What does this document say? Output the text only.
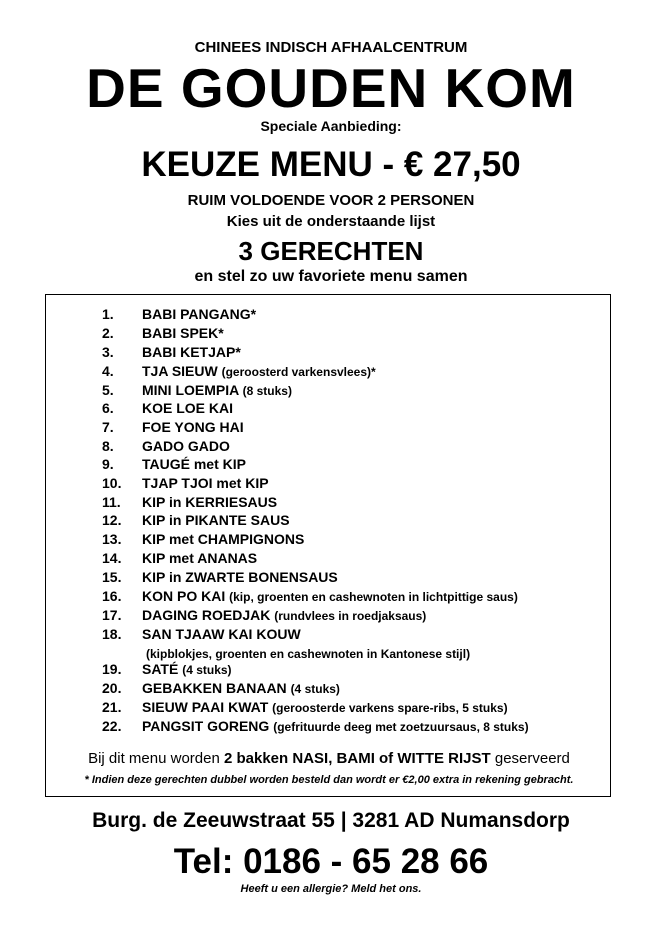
CHINEES INDISCH AFHAALCENTRUM
DE GOUDEN KOM
Speciale Aanbieding:
KEUZE MENU - € 27,50
RUIM VOLDOENDE VOOR 2 PERSONEN
Kies uit de onderstaande lijst
3 GERECHTEN
en stel zo uw favoriete menu samen
1. BABI PANGANG*
2. BABI SPEK*
3. BABI KETJAP*
4. TJA SIEUW (geroosterd varkensvlees)*
5. MINI LOEMPIA (8 stuks)
6. KOE LOE KAI
7. FOE YONG HAI
8. GADO GADO
9. TAUGÉ met KIP
10. TJAP TJOI met KIP
11. KIP in KERRIESAUS
12. KIP in PIKANTE SAUS
13. KIP met CHAMPIGNONS
14. KIP met ANANAS
15. KIP in ZWARTE BONENSAUS
16. KON PO KAI (kip, groenten en cashewnoten in lichtpittige saus)
17. DAGING ROEDJAK (rundvlees in roedjaksaus)
18. SAN TJAAW KAI KOUW
19. SATÉ (4 stuks)
20. GEBAKKEN BANAAN (4 stuks)
21. SIEUW PAAI KWAT (geroosterde varkens spare-ribs, 5 stuks)
22. PANGSIT GORENG (gefrituurde deeg met zoetzuursaus, 8 stuks)
(kipblokjes, groenten en cashewnoten in Kantonese stijl)
Bij dit menu worden 2 bakken NASI, BAMI of WITTE RIJST geserveerd
* Indien deze gerechten dubbel worden besteld dan wordt er €2,00 extra in rekening gebracht.
Burg. de Zeeuwstraat 55 | 3281 AD Numansdorp
Tel: 0186 - 65 28 66
Heeft u een allergie? Meld het ons.
